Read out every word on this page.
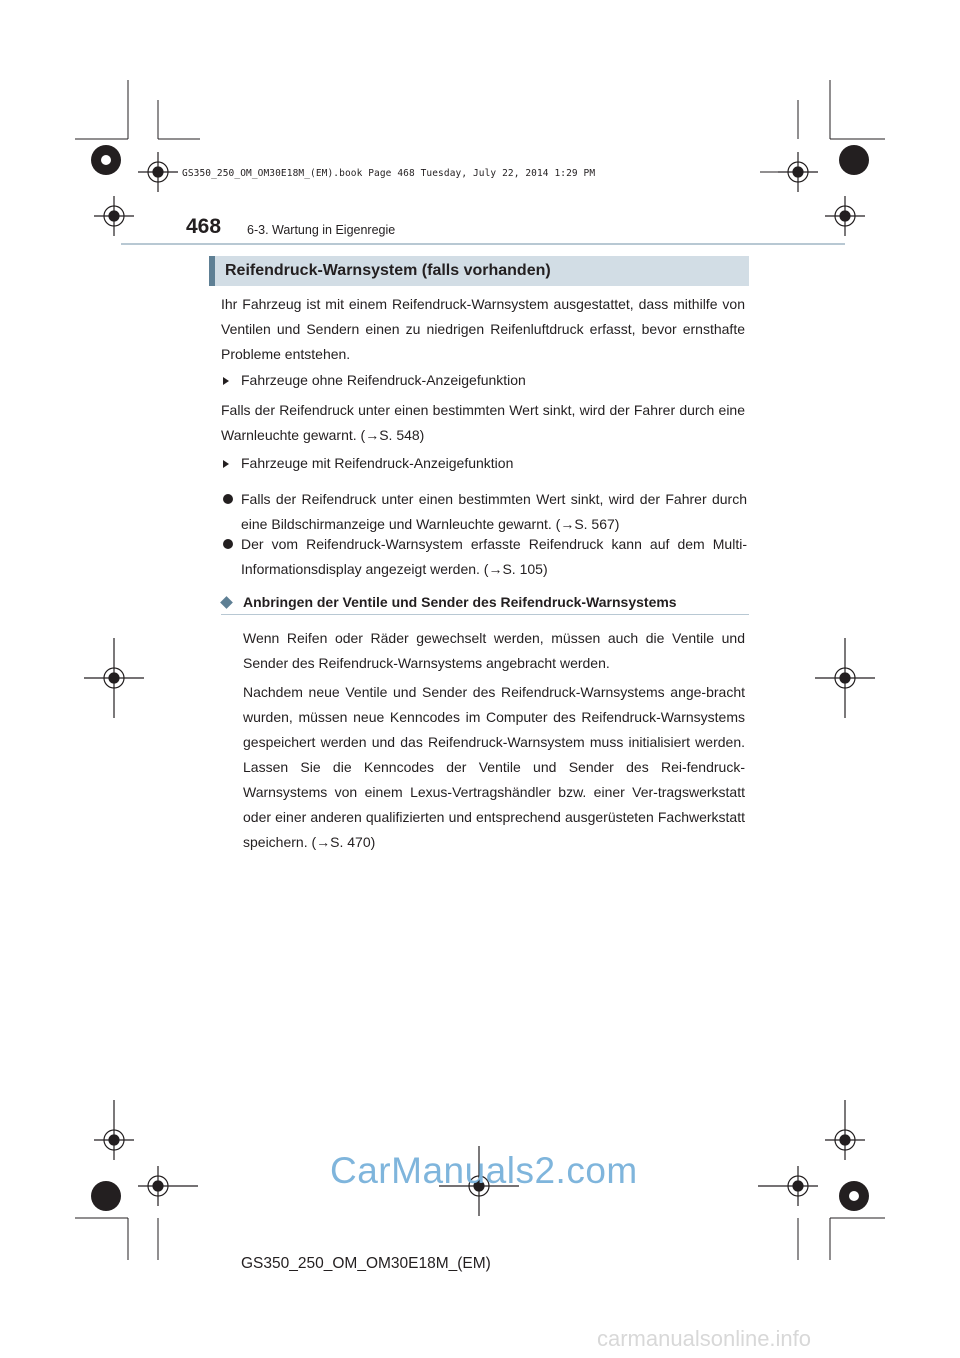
GS350_250_OM_OM30E18M_(EM).book Page 468 Tuesday, July 22, 2014 1:29 PM
468 6-3. Wartung in Eigenregie
Reifendruck-Warnsystem (falls vorhanden)

Ihr Fahrzeug ist mit einem Reifendruck-Warnsystem ausgestattet, dass mithilfe von Ventilen und Sendern einen zu niedrigen Reifenluftdruck erfasst, bevor ernsthafte Probleme entstehen.

Fahrzeuge ohne Reifendruck-Anzeigefunktion

Falls der Reifendruck unter einen bestimmten Wert sinkt, wird der Fahrer durch eine Warnleuchte gewarnt. (→S. 548)

Fahrzeuge mit Reifendruck-Anzeigefunktion
Falls der Reifendruck unter einen bestimmten Wert sinkt, wird der Fahrer durch eine Bildschirmanzeige und Warnleuchte gewarnt. (→S. 567)
Der vom Reifendruck-Warnsystem erfasste Reifendruck kann auf dem Multi-Informationsdisplay angezeigt werden. (→S. 105)
Anbringen der Ventile und Sender des Reifendruck-Warnsystems

Wenn Reifen oder Räder gewechselt werden, müssen auch die Ventile und Sender des Reifendruck-Warnsystems angebracht werden.

Nachdem neue Ventile und Sender des Reifendruck-Warnsystems ange-bracht wurden, müssen neue Kenncodes im Computer des Reifendruck-Warnsystems gespeichert werden und das Reifendruck-Warnsystem muss initialisiert werden. Lassen Sie die Kenncodes der Ventile und Sender des Rei-fendruck-Warnsystems von einem Lexus-Vertragshändler bzw. einer Ver-tragswerkstatt oder einer anderen qualifizierten und entsprechend ausgerüsteten Fachwerkstatt speichern. (→S. 470)

CarManuals2.com
GS350_250_OM_OM30E18M_(EM)
carmanualsonline.info
